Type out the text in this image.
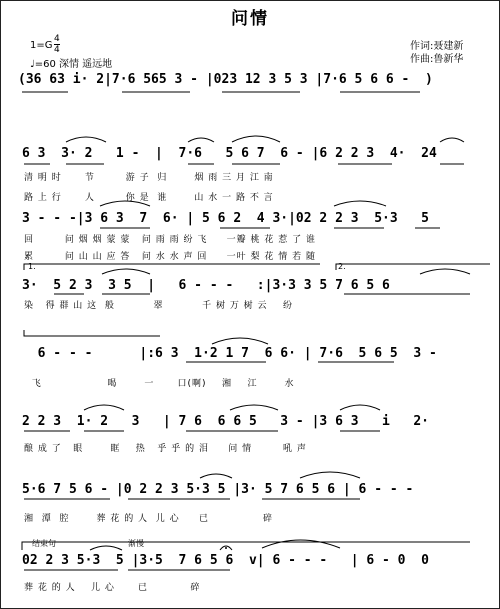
问情
$1=G \frac{4}{4}$
♩=60 深情 遥远地
作词:聂建新
作曲:鲁新华
(36 63 i· 2|7·6 565 3 - |023 12 3 5 3 |7·6 5 6 6 -  )
6 3  3· 2   1 -  |  7·6   5 6 7  6 - |6 2 2 3  4·  24
清 明 时      节        游 子  归       烟 雨 三 月 江 南
路 上 行      人        你 是  谁       山 水 一 路 不 言
3 - - -|3 6 3  7  6· | 5 6 2  4 3·|02 2 2 3  5·3   5
回        问 烟 烟 蒙 蒙   问 雨 雨 纷 飞     一瓣 桃 花 惹 了 谁
累        问 山 山 应 答   问 水 水 声 回     一叶 梨 花 情 若 随
1.	2.
3·  5 2 3  3 5  |   6 - - -   :|3·3 3 5 7 6 5 6
染   得 群 山 这  般          翠          千 树 万 树 云    纷
6 - - -      |:6 3  1·2 1 7  6 6· | 7·6  5 6 5  3 -
飞                 喝       一      口(啊)    湘    江       水
2 2 3  1· 2   3   | 7 6  6 6 5   3 - |3 6 3   i   2·
酿 成 了   眼       眶    热   乎 乎 的 泪     问 情        吼 声
5·6 7 5 6 - |0 2 2 3 5·3 5 |3· 5 7 6 5 6 | 6 - - -
湘  潭  腔       葬 花 的 人  儿 心     已              碎
结束句	渐慢
02 2 3 5·3  5 |3·5  7 6 5 6  v| 6 - - -   | 6 - 0  0
葬 花 的 人    儿 心      已           碎
